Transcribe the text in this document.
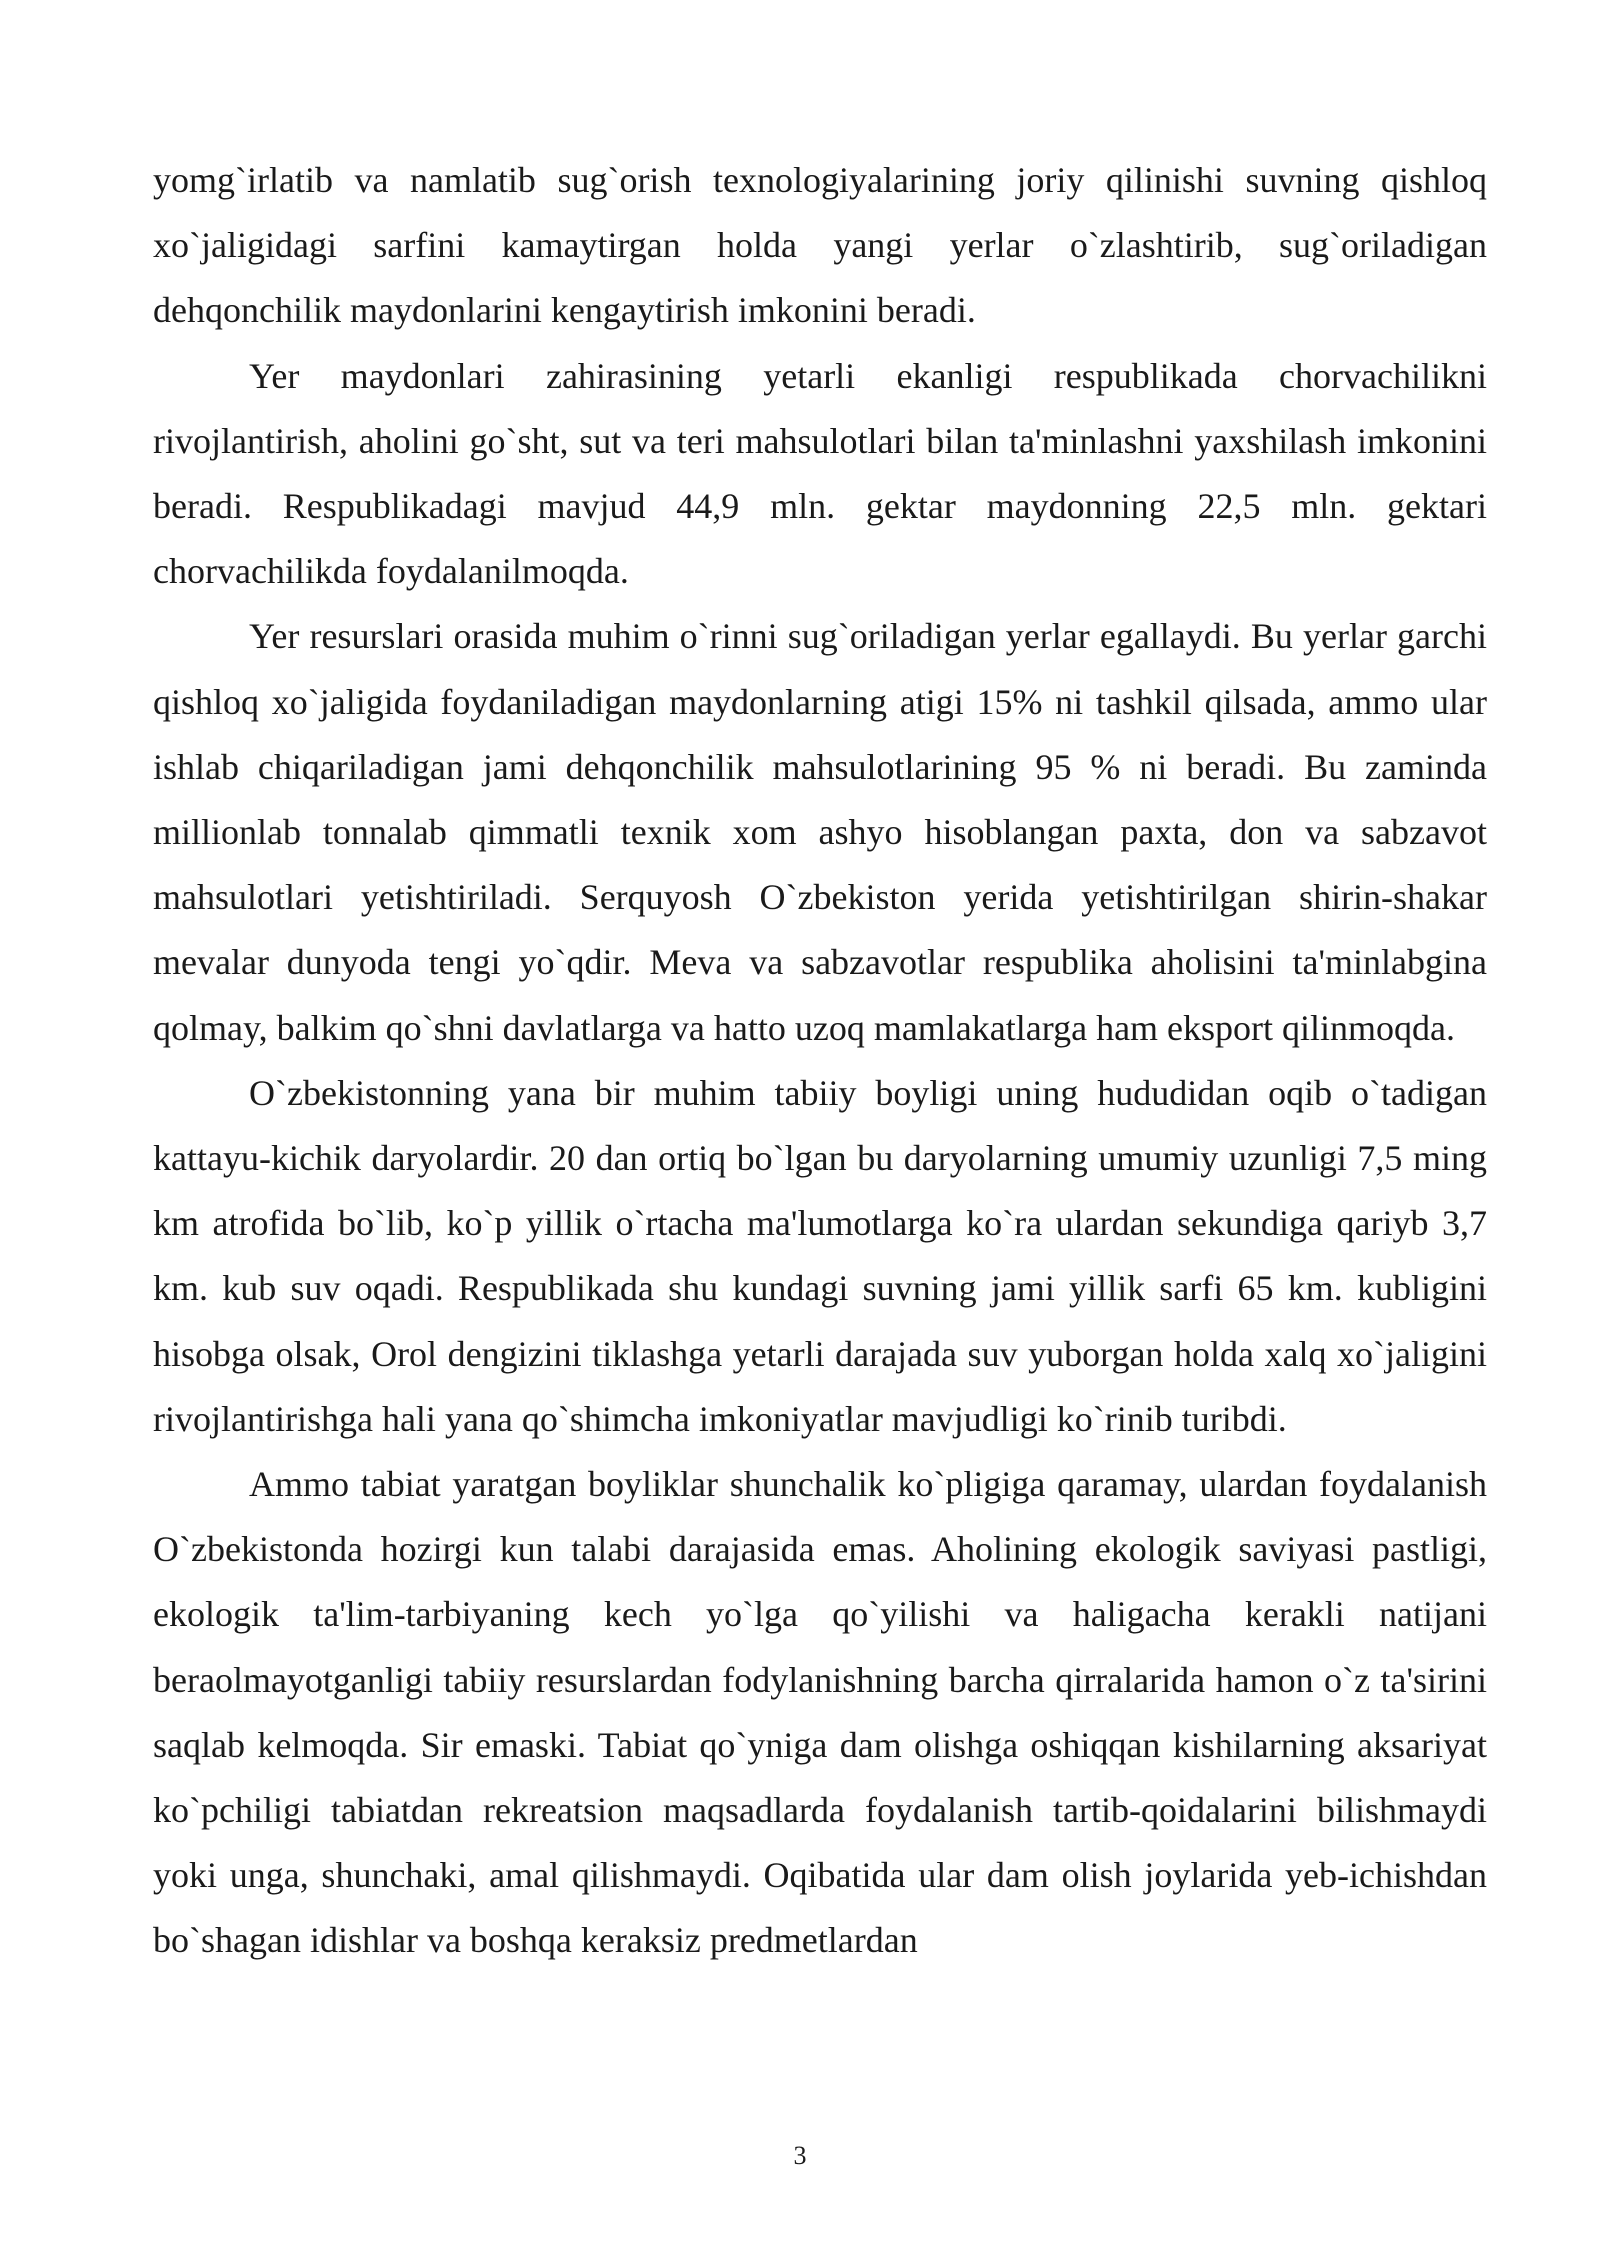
yomg`irlatib va namlatib sug`orish texnologiyalarining joriy qilinishi suvning qishloq xo`jaligidagi sarfini kamaytirgan holda yangi yerlar o`zlashtirib, sug`oriladigan dehqonchilik maydonlarini kengaytirish imkonini beradi.

Yer maydonlari zahirasining yetarli ekanligi respublikada chorvachilikni rivojlantirish, aholini go`sht, sut va teri mahsulotlari bilan ta'minlashni yaxshilash imkonini beradi. Respublikadagi mavjud 44,9 mln. gektar maydonning 22,5 mln. gektari chorvachilikda foydalanilmoqda.

Yer resurslari orasida muhim o`rinni sug`oriladigan yerlar egallaydi. Bu yerlar garchi qishloq xo`jaligida foydaniladigan maydonlarning atigi 15% ni tashkil qilsada, ammo ular ishlab chiqariladigan jami dehqonchilik mahsulotlarining 95 % ni beradi. Bu zaminda millionlab tonnalab qimmatli texnik xom ashyo hisoblangan paxta, don va sabzavot mahsulotlari yetishtiriladi. Serquyosh O`zbekiston yerida yetishtirilgan shirin-shakar mevalar dunyoda tengi yo`qdir. Meva va sabzavotlar respublika aholisini ta'minlabgina qolmay, balkim qo`shni davlatlarga va hatto uzoq mamlakatlarga ham eksport qilinmoqda.

O`zbekistonning yana bir muhim tabiiy boyligi uning hududidan oqib o`tadigan kattayu-kichik daryolardir. 20 dan ortiq bo`lgan bu daryolarning umumiy uzunligi 7,5 ming km atrofida bo`lib, ko`p yillik o`rtacha ma'lumotlarga ko`ra ulardan sekundiga qariyb 3,7 km. kub suv oqadi. Respublikada shu kundagi suvning jami yillik sarfi 65 km. kubligini hisobga olsak, Orol dengizini tiklashga yetarli darajada suv yuborgan holda xalq xo`jaligini rivojlantirishga hali yana qo`shimcha imkoniyatlar mavjudligi ko`rinib turibdi.

Ammo tabiat yaratgan boyliklar shunchalik ko`pligiga qaramay, ulardan foydalanish O`zbekistonda hozirgi kun talabi darajasida emas. Aholining ekologik saviyasi pastligi, ekologik ta'lim-tarbiyaning kech yo`lga qo`yilishi va haligacha kerakli natijani beraolmayotganligi tabiiy resurslardan fodylanishning barcha qirralarida hamon o`z ta'sirini saqlab kelmoqda. Sir emaski. Tabiat qo`yniga dam olishga oshiqqan kishilarning aksariyat ko`pchiligi tabiatdan rekreatsion maqsadlarda foydalanish tartib-qoidalarini bilishmaydi yoki unga, shunchaki, amal qilishmaydi. Oqibatida ular dam olish joylarida yeb-ichishdan bo`shagan idishlar va boshqa keraksiz predmetlardan

3
